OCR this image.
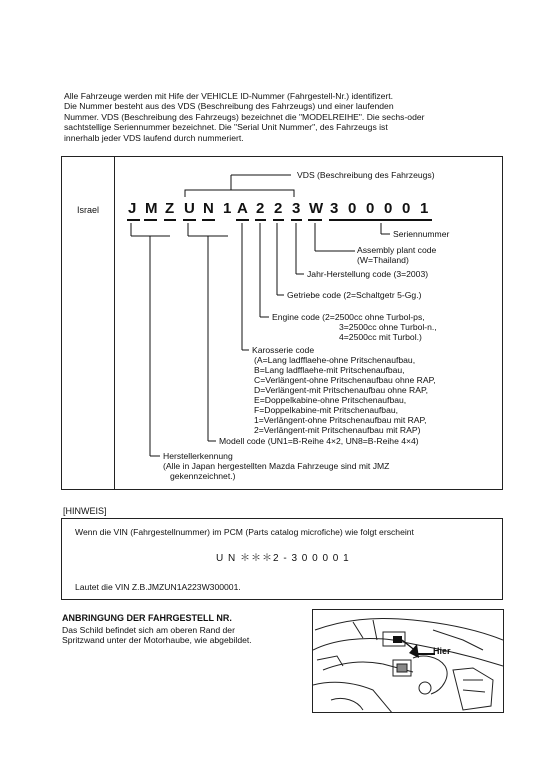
Alle Fahrzeuge werden mit Hife der VEHICLE ID-Nummer (Fahrgestell-Nr.) identifizert.
Die Nummer besteht aus des VDS (Beschreibung des Fahrzeugs) und einer laufenden
Nummer. VDS (Beschreibung des Fahrzeugs) bezeichnet die "MODELREIHE". Die sechs-oder
sachtstellige Seriennummer bezeichnet. Die "Serial Unit Nummer", des Fahrzeugs ist
innerhalb jeder VDS laufend durch nummeriert.
Israel J M Z U N 1 A 2 2 3 W 3 0 0 0 0 1
VDS (Beschreibung des Fahrzeugs)
Seriennummer
Assembly plant code
(W=Thailand)
Jahr-Herstellung code (3=2003)
Getriebe code (2=Schaltgetr 5-Gg.)
Engine code (2=2500cc ohne Turbol-ps,
3=2500cc ohne Turbol-n.,
4=2500cc mit Turbol.)
Karosserie code
(A=Lang ladfflaehe-ohne Pritschenaufbau,
B=Lang ladfflaehe-mit Pritschenaufbau,
C=Verlängent-ohne Pritschenaufbau ohne RAP,
D=Verlängent-mit Pritschenaufbau ohne RAP,
E=Doppelkabine-ohne Pritschenaufbau,
F=Doppelkabine-mit Pritschenaufbau,
1=Verlängent-ohne Pritschenaufbau mit RAP,
2=Verlängent-mit Pritschenaufbau mit RAP)
Modell code (UN1=B-Reihe 4×2, UN8=B-Reihe 4×4)
Herstellerkennung
(Alle in Japan hergestellten Mazda Fahrzeuge sind mit JMZ
gekennzeichnet.)
[HINWEIS]
Wenn die VIN (Fahrgestellnummer) im PCM (Parts catalog microfiche) wie folgt erscheint
U N ＊＊＊2 - 3 0 0 0 0 1
Lautet die VIN Z.B.JMZUN1A223W300001.
ANBRINGUNG DER FAHRGESTELL NR.
Das Schild befindet sich am oberen Rand der
Spritzwand unter der Motorhaube, wie abgebildet.
Hier
